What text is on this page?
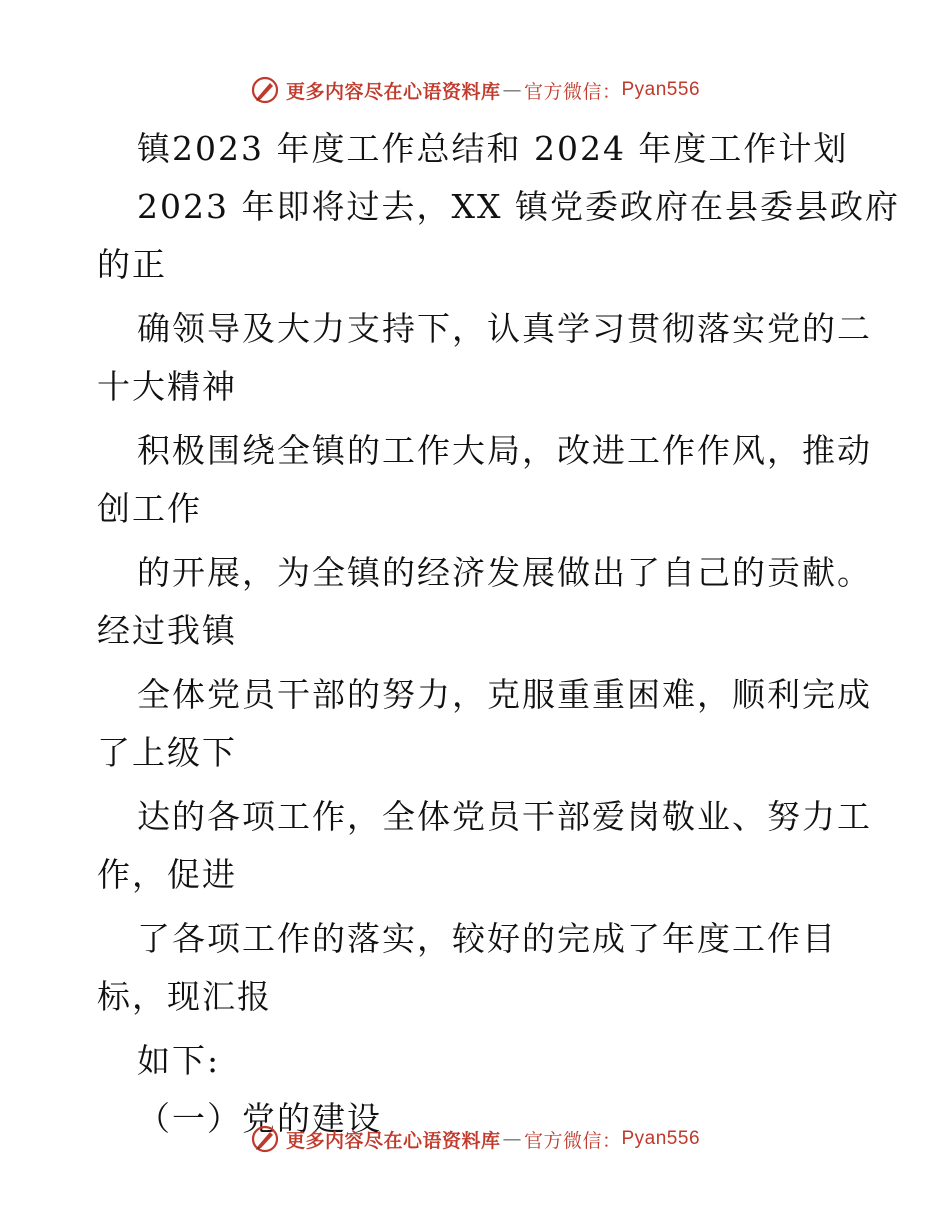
更多内容尽在心语资料库 — 官方微信： Pyan556
镇2023 年度工作总结和 2024 年度工作计划
2023 年即将过去，XX 镇党委政府在县委县政府
的正
确领导及大力支持下，认真学习贯彻落实党的二
十大精神
积极围绕全镇的工作大局，改进工作作风，推动
创工作
的开展，为全镇的经济发展做出了自己的贡献。
经过我镇
全体党员干部的努力，克服重重困难，顺利完成
了上级下
达的各项工作，全体党员干部爱岗敬业、努力工
作，促进
了各项工作的落实，较好的完成了年度工作目
标，现汇报
如下:
（一）党的建设
更多内容尽在心语资料库 — 官方微信： Pyan556
